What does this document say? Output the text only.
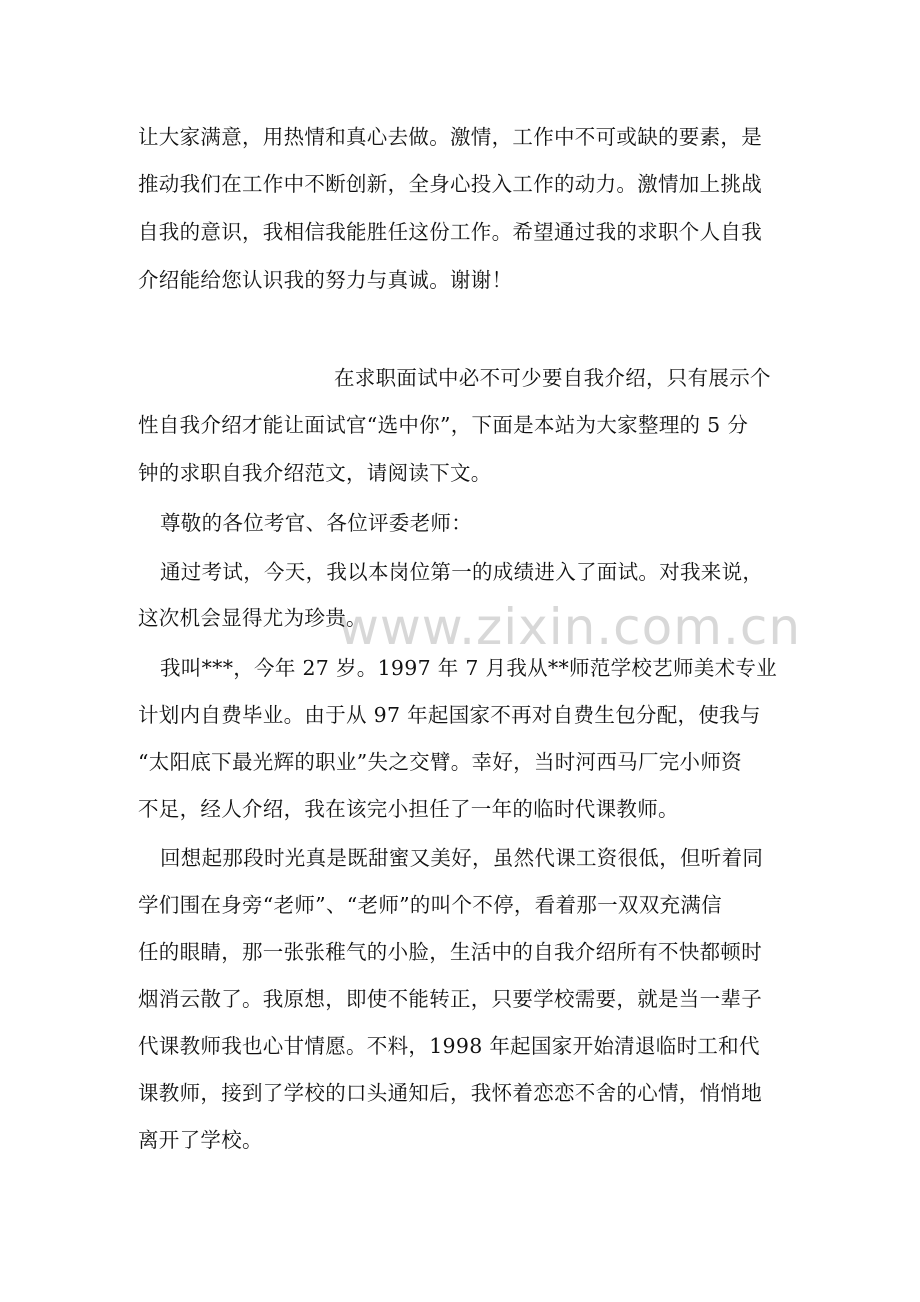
www.zixin.com.cn
让大家满意，用热情和真心去做。激情，工作中不可或缺的要素，是
推动我们在工作中不断创新，全身心投入工作的动力。激情加上挑战
自我的意识，我相信我能胜任这份工作。希望通过我的求职个人自我
介绍能给您认识我的努力与真诚。谢谢！
在求职面试中必不可少要自我介绍，只有展示个
性自我介绍才能让面试官“选中你”，下面是本站为大家整理的 5 分
钟的求职自我介绍范文，请阅读下文。
尊敬的各位考官、各位评委老师：
通过考试，今天，我以本岗位第一的成绩进入了面试。对我来说，
这次机会显得尤为珍贵。
我叫***，今年 27 岁。1997 年 7 月我从**师范学校艺师美术专业
计划内自费毕业。由于从 97 年起国家不再对自费生包分配，使我与
“太阳底下最光辉的职业”失之交臂。幸好，当时河西马厂完小师资
不足，经人介绍，我在该完小担任了一年的临时代课教师。
回想起那段时光真是既甜蜜又美好，虽然代课工资很低，但听着同
学们围在身旁“老师”、“老师”的叫个不停，看着那一双双充满信
任的眼睛，那一张张稚气的小脸，生活中的自我介绍所有不快都顿时
烟消云散了。我原想，即使不能转正，只要学校需要，就是当一辈子
代课教师我也心甘情愿。不料，1998 年起国家开始清退临时工和代
课教师，接到了学校的口头通知后，我怀着恋恋不舍的心情，悄悄地
离开了学校。
